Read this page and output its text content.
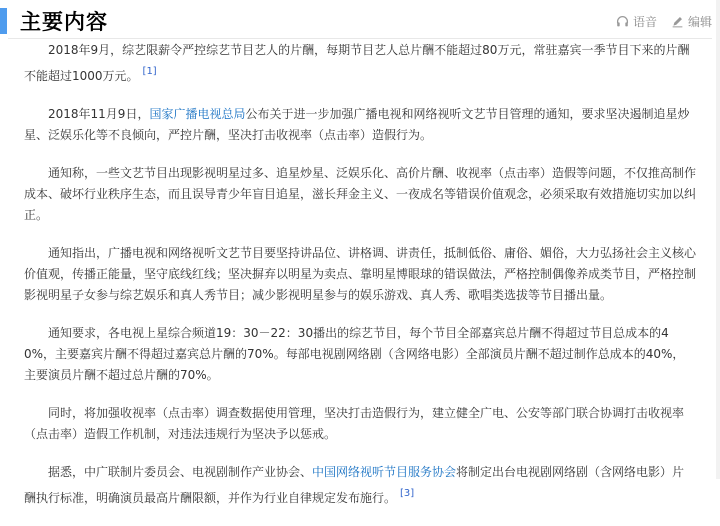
主要内容	语音	编辑

2018年9月，综艺限薪令严控综艺节目艺人的片酬，每期节目艺人总片酬不能超过80万元，常驻嘉宾一季节目下来的片酬不能超过1000万元。 [1]

2018年11月9日，国家广播电视总局公布关于进一步加强广播电视和网络视听文艺节目管理的通知，要求坚决遏制追星炒星、泛娱乐化等不良倾向，严控片酬，坚决打击收视率（点击率）造假行为。

通知称，一些文艺节目出现影视明星过多、追星炒星、泛娱乐化、高价片酬、收视率（点击率）造假等问题，不仅推高制作成本、破坏行业秩序生态，而且误导青少年盲目追星，滋长拜金主义、一夜成名等错误价值观念，必须采取有效措施切实加以纠正。

通知指出，广播电视和网络视听文艺节目要坚持讲品位、讲格调、讲责任，抵制低俗、庸俗、媚俗，大力弘扬社会主义核心价值观，传播正能量，坚守底线红线；坚决摒弃以明星为卖点、靠明星博眼球的错误做法，严格控制偶像养成类节目，严格控制影视明星子女参与综艺娱乐和真人秀节目；减少影视明星参与的娱乐游戏、真人秀、歌唱类选拔等节目播出量。

通知要求，各电视上星综合频道19：30－22：30播出的综艺节目，每个节目全部嘉宾总片酬不得超过节目总成本的40%，主要嘉宾片酬不得超过嘉宾总片酬的70%。每部电视剧网络剧（含网络电影）全部演员片酬不超过制作总成本的40%，主要演员片酬不超过总片酬的70%。

同时，将加强收视率（点击率）调查数据使用管理，坚决打击造假行为，建立健全广电、公安等部门联合协调打击收视率（点击率）造假工作机制，对违法违规行为坚决予以惩戒。

据悉，中广联制片委员会、电视剧制作产业协会、中国网络视听节目服务协会将制定出台电视剧网络剧（含网络电影）片酬执行标准，明确演员最高片酬限额，并作为行业自律规定发布施行。 [3]
